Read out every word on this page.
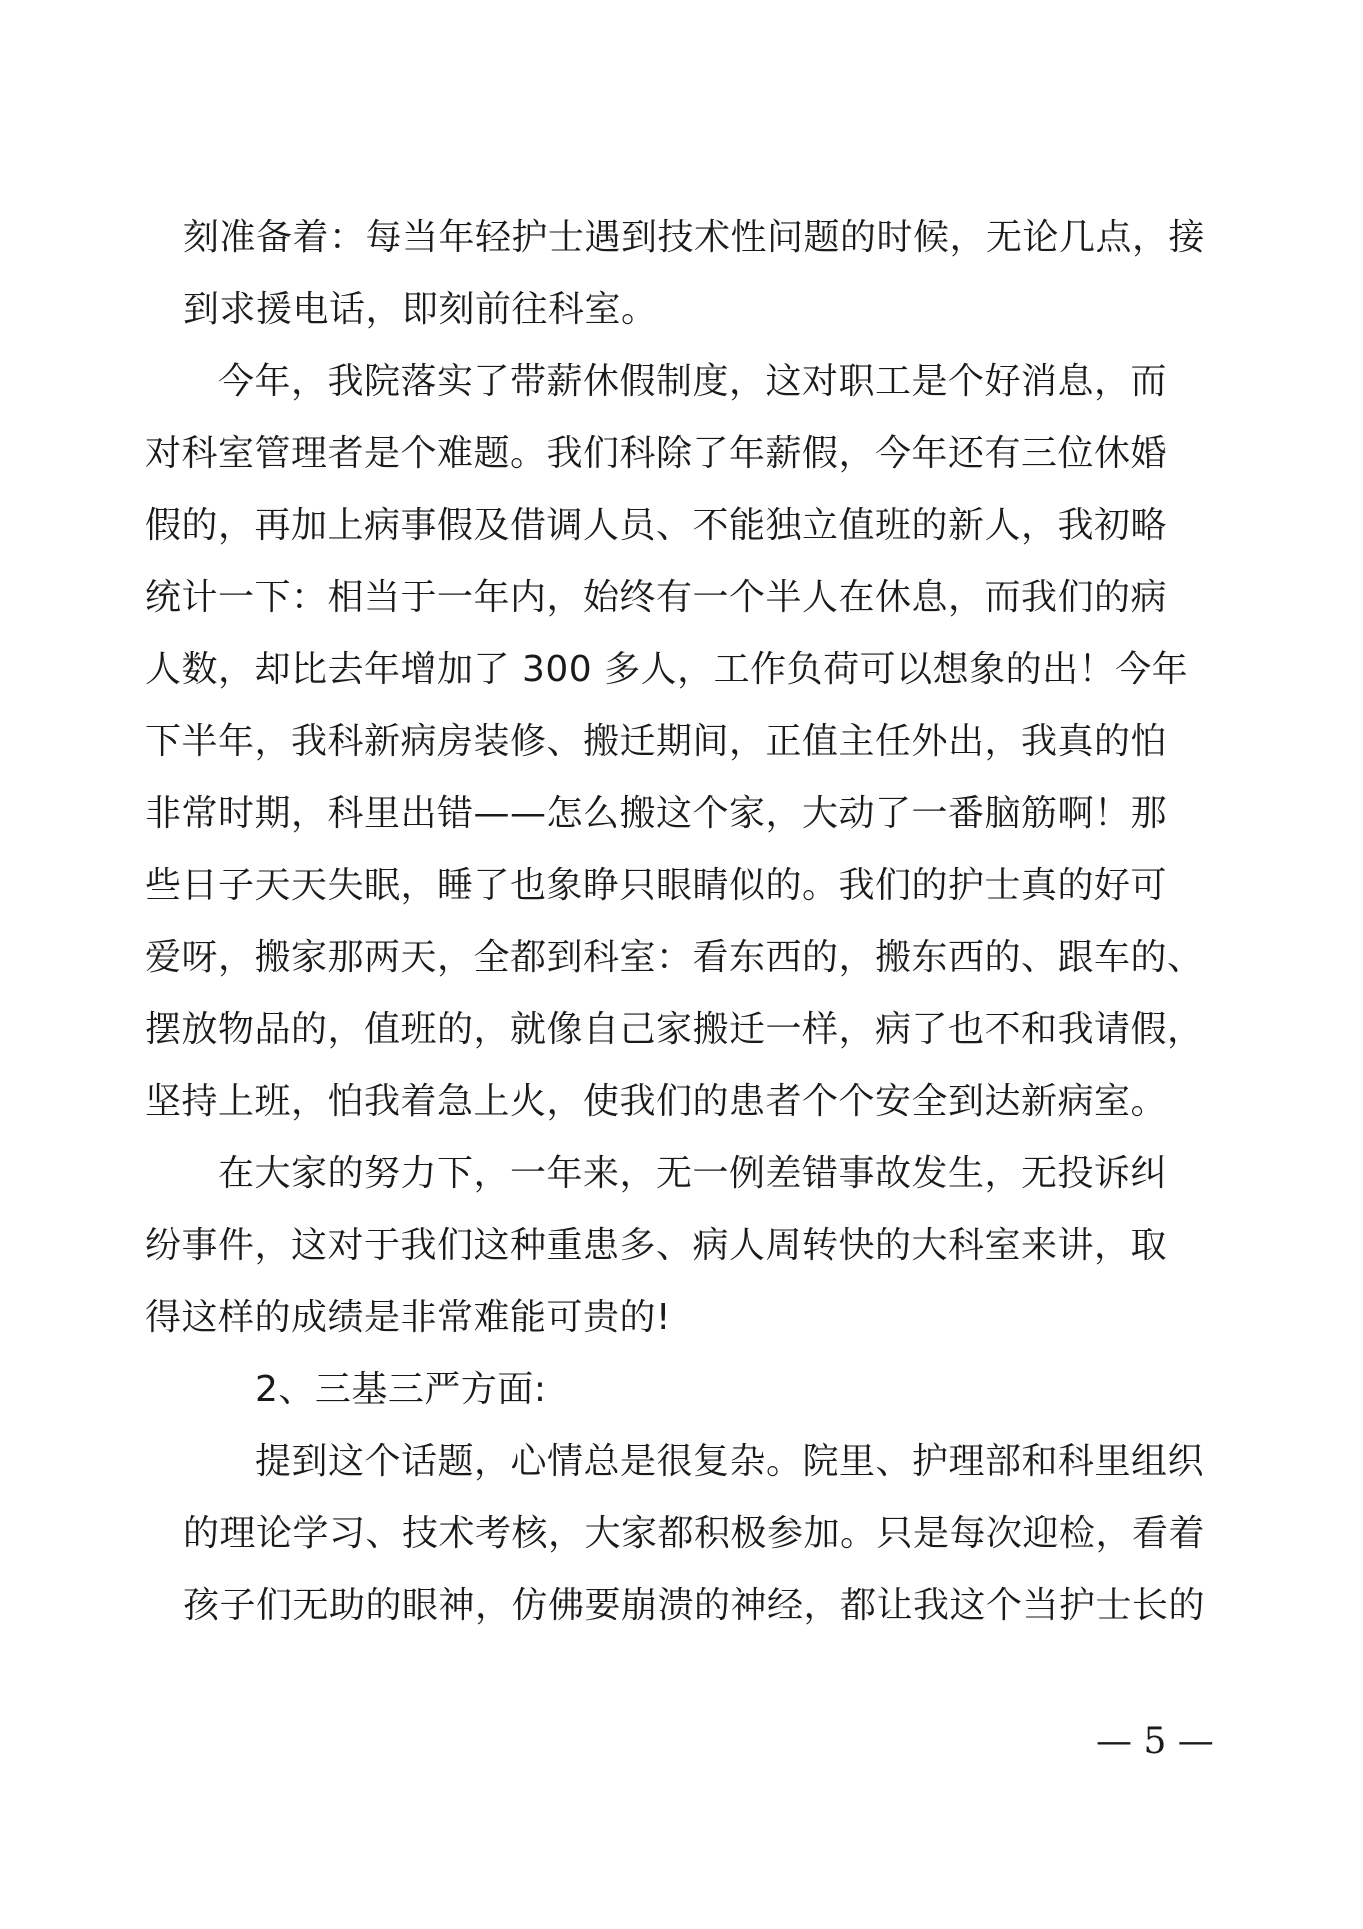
刻准备着：每当年轻护士遇到技术性问题的时候，无论几点，接
到求援电话，即刻前往科室。
今年，我院落实了带薪休假制度，这对职工是个好消息，而
对科室管理者是个难题。我们科除了年薪假，今年还有三位休婚
假的，再加上病事假及借调人员、不能独立值班的新人，我初略
统计一下：相当于一年内，始终有一个半人在休息，而我们的病
人数，却比去年增加了 300 多人，工作负荷可以想象的出！今年
下半年，我科新病房装修、搬迁期间，正值主任外出，我真的怕
非常时期，科里出错——怎么搬这个家，大动了一番脑筋啊！那
些日子天天失眠，睡了也象睁只眼睛似的。我们的护士真的好可
爱呀，搬家那两天，全都到科室：看东西的，搬东西的、跟车的、
摆放物品的，值班的，就像自己家搬迁一样，病了也不和我请假，
坚持上班，怕我着急上火，使我们的患者个个安全到达新病室。
在大家的努力下，一年来，无一例差错事故发生，无投诉纠
纷事件，这对于我们这种重患多、病人周转快的大科室来讲，取
得这样的成绩是非常难能可贵的!
2、三基三严方面:
提到这个话题，心情总是很复杂。院里、护理部和科里组织
的理论学习、技术考核，大家都积极参加。只是每次迎检，看着
孩子们无助的眼神，仿佛要崩溃的神经，都让我这个当护士长的
— 5 —
